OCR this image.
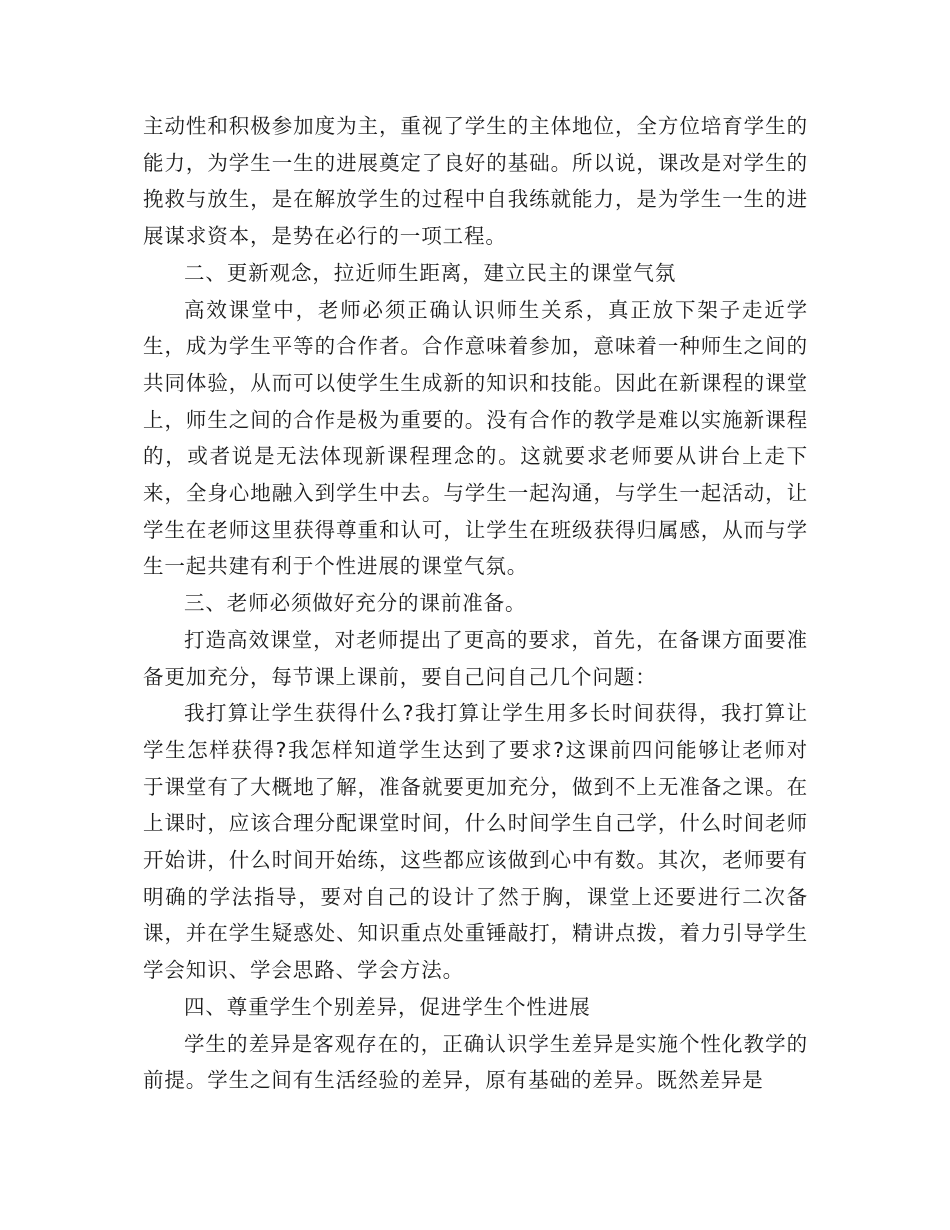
主动性和积极参加度为主，重视了学生的主体地位，全方位培育学生的能力，为学生一生的进展奠定了良好的基础。所以说，课改是对学生的挽救与放生，是在解放学生的过程中自我练就能力，是为学生一生的进展谋求资本，是势在必行的一项工程。

二、更新观念，拉近师生距离，建立民主的课堂气氛

高效课堂中，老师必须正确认识师生关系，真正放下架子走近学生，成为学生平等的合作者。合作意味着参加，意味着一种师生之间的共同体验，从而可以使学生生成新的知识和技能。因此在新课程的课堂上，师生之间的合作是极为重要的。没有合作的教学是难以实施新课程的，或者说是无法体现新课程理念的。这就要求老师要从讲台上走下来，全身心地融入到学生中去。与学生一起沟通，与学生一起活动，让学生在老师这里获得尊重和认可，让学生在班级获得归属感，从而与学生一起共建有利于个性进展的课堂气氛。

三、老师必须做好充分的课前准备。

打造高效课堂，对老师提出了更高的要求，首先，在备课方面要准备更加充分，每节课上课前，要自己问自己几个问题：

我打算让学生获得什么?我打算让学生用多长时间获得，我打算让学生怎样获得?我怎样知道学生达到了要求?这课前四问能够让老师对于课堂有了大概地了解，准备就要更加充分，做到不上无准备之课。在上课时，应该合理分配课堂时间，什么时间学生自己学，什么时间老师开始讲，什么时间开始练，这些都应该做到心中有数。其次，老师要有明确的学法指导，要对自己的设计了然于胸，课堂上还要进行二次备课，并在学生疑惑处、知识重点处重锤敲打，精讲点拨，着力引导学生学会知识、学会思路、学会方法。

四、尊重学生个别差异，促进学生个性进展

学生的差异是客观存在的，正确认识学生差异是实施个性化教学的前提。学生之间有生活经验的差异，原有基础的差异。既然差异是
